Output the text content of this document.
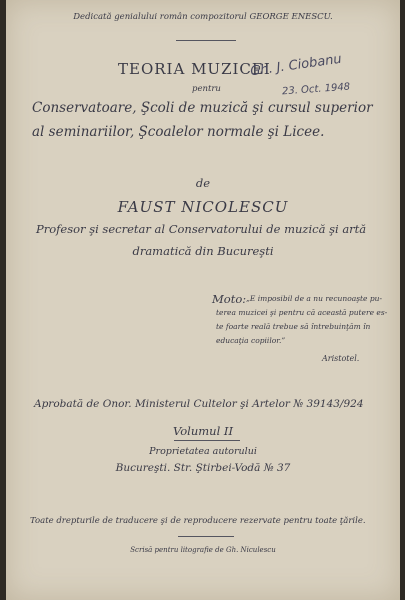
Dedicată genialului român compozitorul GEORGE ENESCU.
TEORIA MUZICEI
Gh. J. Ciobanu
23. Oct. 1948
pentru
Conservatoare, Şcoli de muzică şi cursul superior
al seminariilor, Şcoalelor normale şi Licee.
de
FAUST NICOLESCU
Profesor şi secretar al Conservatorului de muzică şi artă
dramatică din Bucureşti
Moto: „E imposibil de a nu recunoaşte pu-
terea muzicei şi pentru că această putere es-
te foarte reală trebue să întrebuinţăm în
educaţia copiilor.”
Aristotel.
Aprobată de Onor. Ministerul Cultelor şi Artelor № 39143/924
Volumul II
Proprietatea autorului
Bucureşti. Str. Ştirbei-Vodă № 37
Toate drepturile de traducere şi de reproducere rezervate pentru toate ţările.
Scrisă pentru litografie de Gh. Niculescu
